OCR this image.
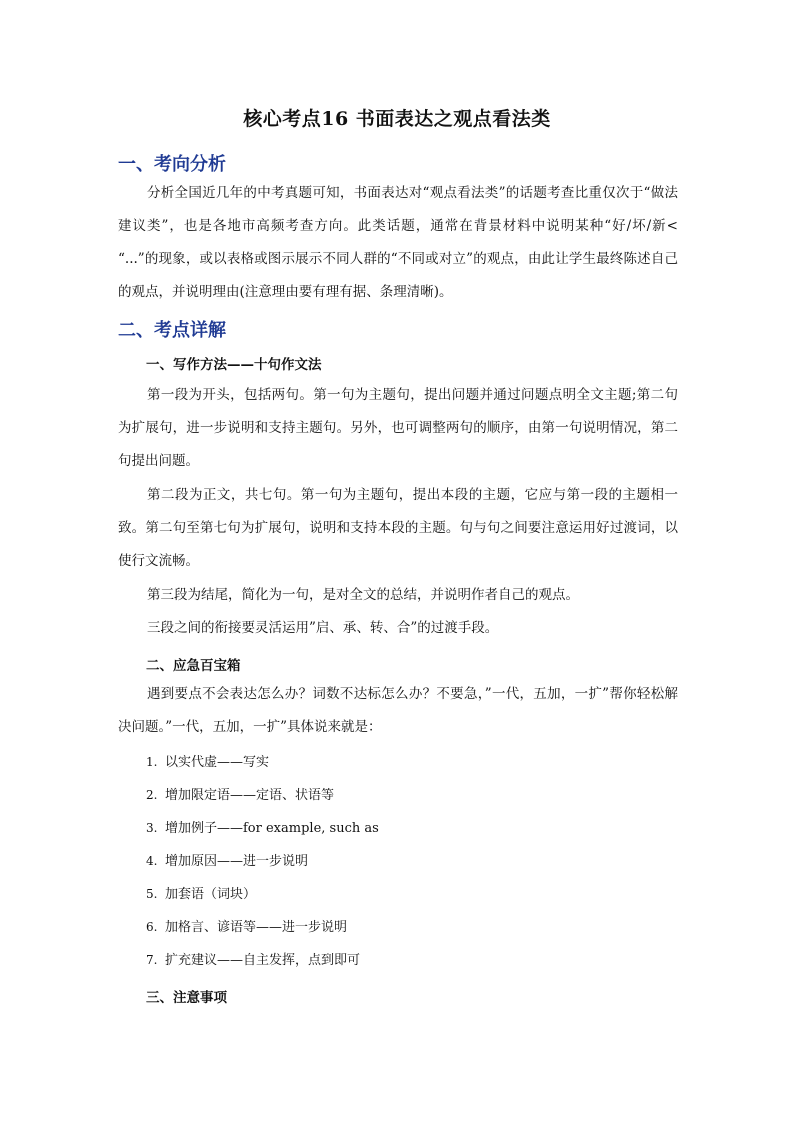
核心考点16 书面表达之观点看法类
一、考向分析

分析全国近几年的中考真题可知，书面表达对“观点看法类”的话题考查比重仅次于“做法建议类”，也是各地市高频考查方向。此类话题，通常在背景材料中说明某种“好/坏/新< “...”的现象，或以表格或图示展示不同人群的“不同或对立”的观点，由此让学生最终陈述自己的观点，并说明理由(注意理由要有理有据、条理清晰)。

二、考点详解
一、写作方法——十句作文法

第一段为开头，包括两句。第一句为主题句，提出问题并通过问题点明全文主题;第二句为扩展句，进一步说明和支持主题句。另外，也可调整两句的顺序，由第一句说明情况，第二句提出问题。

第二段为正文，共七句。第一句为主题句，提出本段的主题，它应与第一段的主题相一致。第二句至第七句为扩展句，说明和支持本段的主题。句与句之间要注意运用好过渡词，以使行文流畅。

第三段为结尾，简化为一句，是对全文的总结，并说明作者自己的观点。

三段之间的衔接要灵活运用”启、承、转、合”的过渡手段。

二、应急百宝箱

遇到要点不会表达怎么办？词数不达标怎么办？不要急，”一代，五加，一扩”帮你轻松解决问题。”一代，五加，一扩”具体说来就是：

1. 以实代虚——写实
2. 增加限定语——定语、状语等
3. 增加例子——for example, such as
4. 增加原因——进一步说明
5. 加套语（词块）
6. 加格言、谚语等——进一步说明
7. 扩充建议——自主发挥，点到即可
三、注意事项
